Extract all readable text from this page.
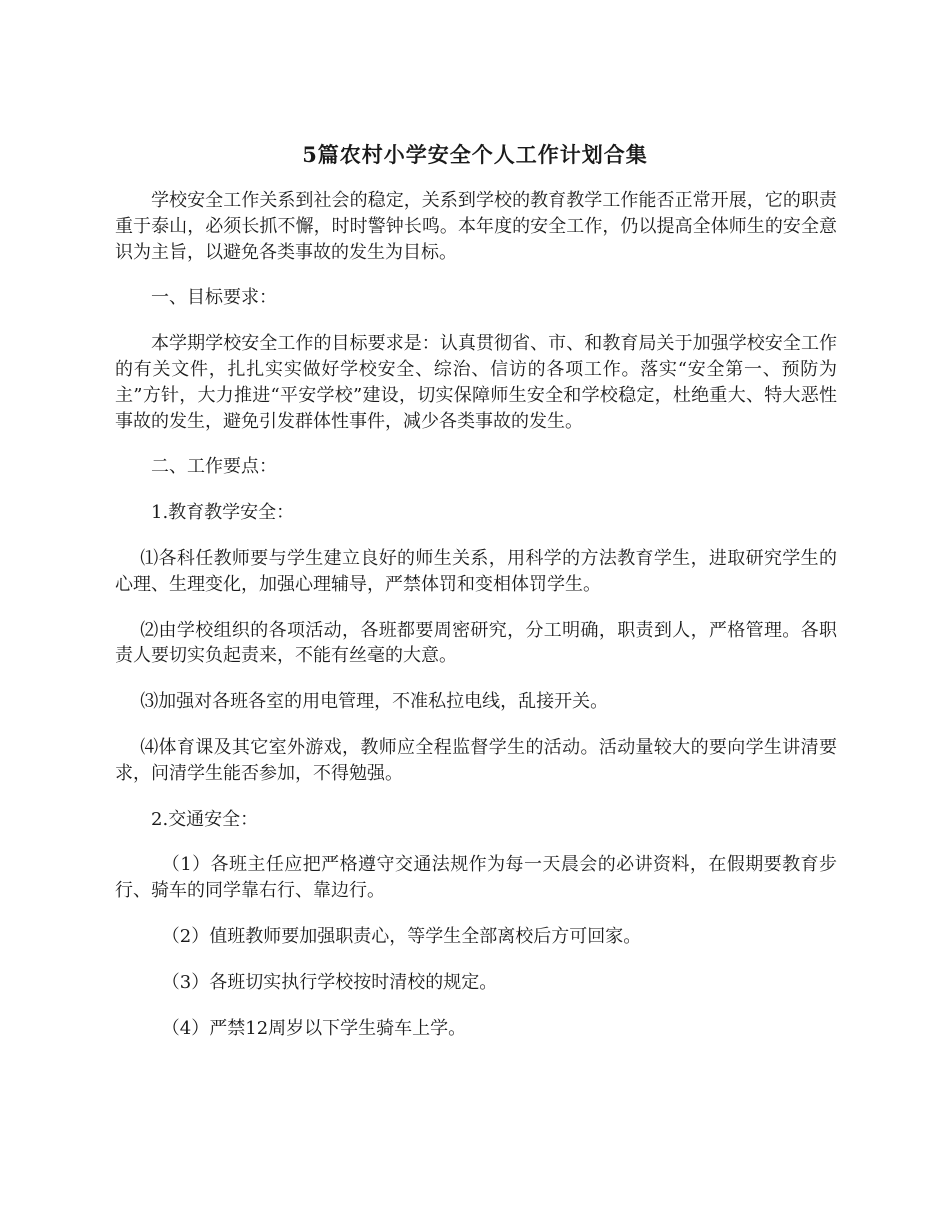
5篇农村小学安全个人工作计划合集

学校安全工作关系到社会的稳定，关系到学校的教育教学工作能否正常开展，它的职责重于泰山，必须长抓不懈，时时警钟长鸣。本年度的安全工作，仍以提高全体师生的安全意识为主旨，以避免各类事故的发生为目标。

一、目标要求：

本学期学校安全工作的目标要求是：认真贯彻省、市、和教育局关于加强学校安全工作的有关文件，扎扎实实做好学校安全、综治、信访的各项工作。落实“安全第一、预防为主”方针，大力推进“平安学校”建设，切实保障师生安全和学校稳定，杜绝重大、特大恶性事故的发生，避免引发群体性事件，减少各类事故的发生。

二、工作要点：

1.教育教学安全：

⑴各科任教师要与学生建立良好的师生关系，用科学的方法教育学生，进取研究学生的心理、生理变化，加强心理辅导，严禁体罚和变相体罚学生。

⑵由学校组织的各项活动，各班都要周密研究，分工明确，职责到人，严格管理。各职责人要切实负起责来，不能有丝毫的大意。

⑶加强对各班各室的用电管理，不准私拉电线，乱接开关。

⑷体育课及其它室外游戏，教师应全程监督学生的活动。活动量较大的要向学生讲清要求，问清学生能否参加，不得勉强。

2.交通安全：

（1）各班主任应把严格遵守交通法规作为每一天晨会的必讲资料，在假期要教育步行、骑车的同学靠右行、靠边行。

（2）值班教师要加强职责心，等学生全部离校后方可回家。

（3）各班切实执行学校按时清校的规定。

（4）严禁12周岁以下学生骑车上学。
